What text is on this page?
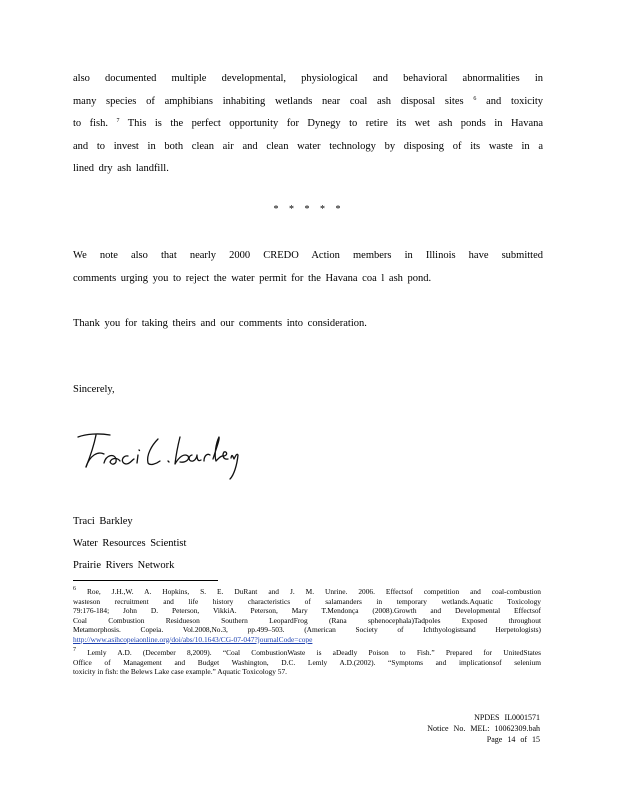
also documented multiple developmental, physiological and behavioral abnormalities in
many species of amphibians inhabiting wetlands near coal ash disposal sites $^6$ and toxicity
to fish. $^7$ This is the perfect opportunity for Dynegy to retire its wet ash ponds in Havana
and to invest in both clean air and clean water technology by disposing of its waste in a
lined dry ash landfill.
* * * * *
We note also that nearly 2000 CREDO Action members in Illinois have submitted
comments urging you to reject the water permit for the Havana coa l ash pond.
Thank you for taking theirs and our comments into consideration.
Sincerely,
Traci Barkley
Water Resources Scientist
Prairie Rivers Network
$^6$ Roe, J.H.,W. A. Hopkins, S. E. DuRant and J. M. Unrine. 2006. Effectsof competition and coal-combustion
wasteson recruitment and life history characteristics of salamanders in temporary wetlands.Aquatic Toxicology
79:176-184; John D. Peterson, VikkiA. Peterson, Mary T.Mendonça (2008).Growth and Developmental Effectsof
Coal Combustion Residueson Southern LeopardFrog (Rana sphenocephala)Tadpoles Exposed throughout
Metamorphosis. Copeia. Vol.2008,No.3, pp.499–503. (American Society of Ichthyologistsand Herpetologists)
http://www.asihcopeiaonline.org/doi/abs/10.1643/CG-07-047?journalCode=cope
$^7$ Lemly A.D. (December 8,2009). “Coal CombustionWaste is aDeadly Poison to Fish.” Prepared for UnitedStates
Office of Management and Budget Washington, D.C. Lemly A.D.(2002). “Symptoms and implicationsof selenium
toxicity in fish: the Belews Lake case example.” Aquatic Toxicology 57.
NPDES IL0001571
Notice No. MEL: 10062309.bah
Page 14 of 15
